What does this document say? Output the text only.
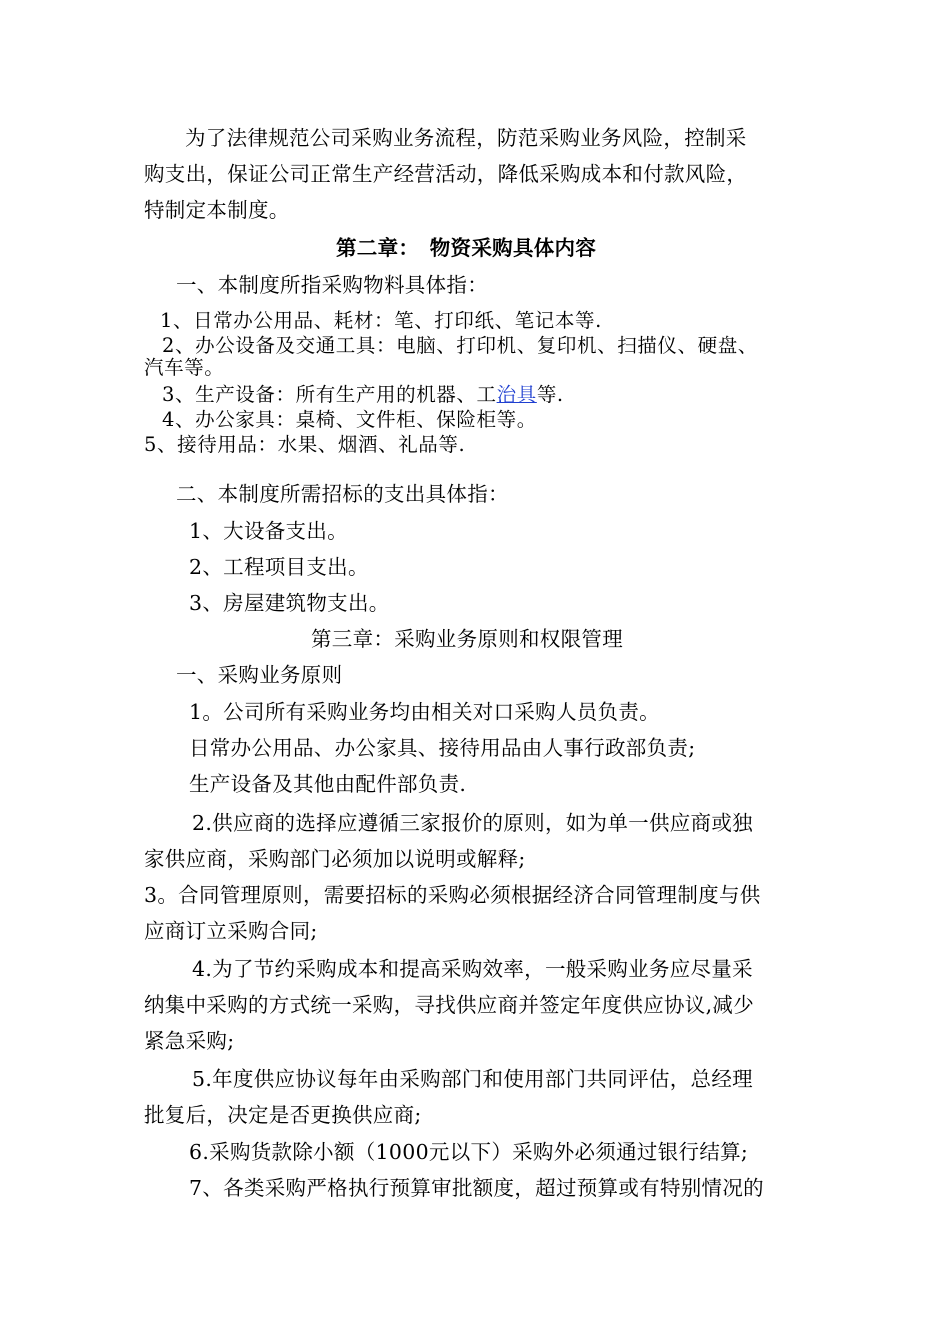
为了法律规范公司采购业务流程，防范采购业务风险，控制采
购支出，保证公司正常生产经营活动，降低采购成本和付款风险，
特制定本制度。
第二章：　物资采购具体内容
一、本制度所指采购物料具体指：
1、日常办公用品、耗材：笔、打印纸、笔记本等.
2、办公设备及交通工具：电脑、打印机、复印机、扫描仪、硬盘、
汽车等。
3、生产设备：所有生产用的机器、工治具等.
4、办公家具：桌椅、文件柜、保险柜等。
5、接待用品：水果、烟酒、礼品等.
二、本制度所需招标的支出具体指：
1、大设备支出。
2、工程项目支出。
3、房屋建筑物支出。
第三章：采购业务原则和权限管理
一、采购业务原则
1。公司所有采购业务均由相关对口采购人员负责。
日常办公用品、办公家具、接待用品由人事行政部负责;
生产设备及其他由配件部负责.
2.供应商的选择应遵循三家报价的原则，如为单一供应商或独
家供应商，采购部门必须加以说明或解释;
3。合同管理原则，需要招标的采购必须根据经济合同管理制度与供
应商订立采购合同;
4.为了节约采购成本和提高采购效率，一般采购业务应尽量采
纳集中采购的方式统一采购，寻找供应商并签定年度供应协议,减少
紧急采购;
5.年度供应协议每年由采购部门和使用部门共同评估，总经理
批复后，决定是否更换供应商;
6.采购货款除小额（1000元以下）采购外必须通过银行结算;
7、各类采购严格执行预算审批额度，超过预算或有特别情况的
